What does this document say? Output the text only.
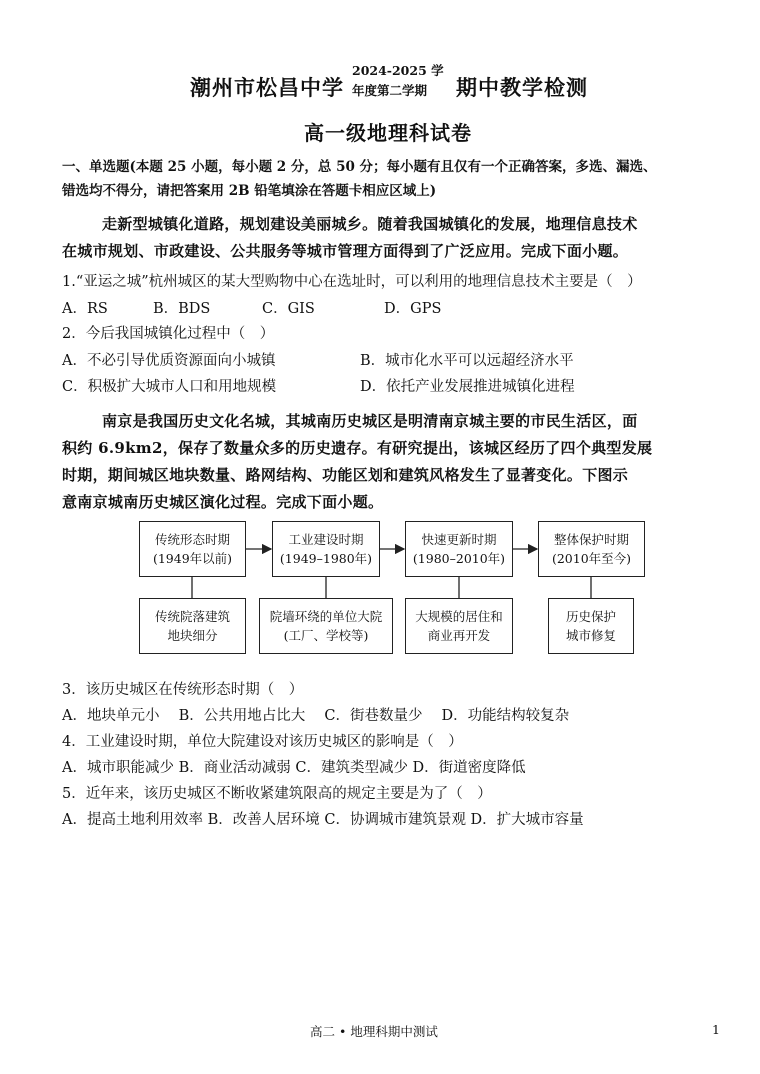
潮州市松昌中学
2024-2025 学
年度第二学期 期中教学检测
高一级地理科试卷
一、单选题(本题 25 小题，每小题 2 分，总 50 分；每小题有且仅有一个正确答案，多选、漏选、
错选均不得分，请把答案用 2B 铅笔填涂在答题卡相应区域上)
走新型城镇化道路，规划建设美丽城乡。随着我国城镇化的发展，地理信息技术
在城市规划、市政建设、公共服务等城市管理方面得到了广泛应用。完成下面小题。
1.“亚运之城”杭州城区的某大型购物中心在选址时，可以利用的地理信息技术主要是（　）
A．RS	B．BDS	C．GIS	D．GPS
2．今后我国城镇化过程中（　）
A．不必引导优质资源面向小城镇	B．城市化水平可以远超经济水平
C．积极扩大城市人口和用地规模	D．依托产业发展推进城镇化进程
南京是我国历史文化名城，其城南历史城区是明清南京城主要的市民生活区，面
积约 6.9km2，保存了数量众多的历史遗存。有研究提出，该城区经历了四个典型发展
时期，期间城区地块数量、路网结构、功能区划和建筑风格发生了显著变化。下图示
意南京城南历史城区演化过程。完成下面小题。
传统形态时期
(1949年以前)
工业建设时期
(1949–1980年)
快速更新时期
(1980–2010年)
整体保护时期
(2010年至今)
传统院落建筑
地块细分
院墙环绕的单位大院
(工厂、学校等)
大规模的居住和
商业再开发
历史保护
城市修复
3．该历史城区在传统形态时期（　）
A．地块单元小　 B．公共用地占比大　 C．街巷数量少　 D．功能结构较复杂
4．工业建设时期，单位大院建设对该历史城区的影响是（　）
A．城市职能减少 B．商业活动减弱 C．建筑类型减少 D．街道密度降低
5．近年来，该历史城区不断收紧建筑限高的规定主要是为了（　）
A．提高土地利用效率 B．改善人居环境 C．协调城市建筑景观 D．扩大城市容量
高二 • 地理科期中测试	1
